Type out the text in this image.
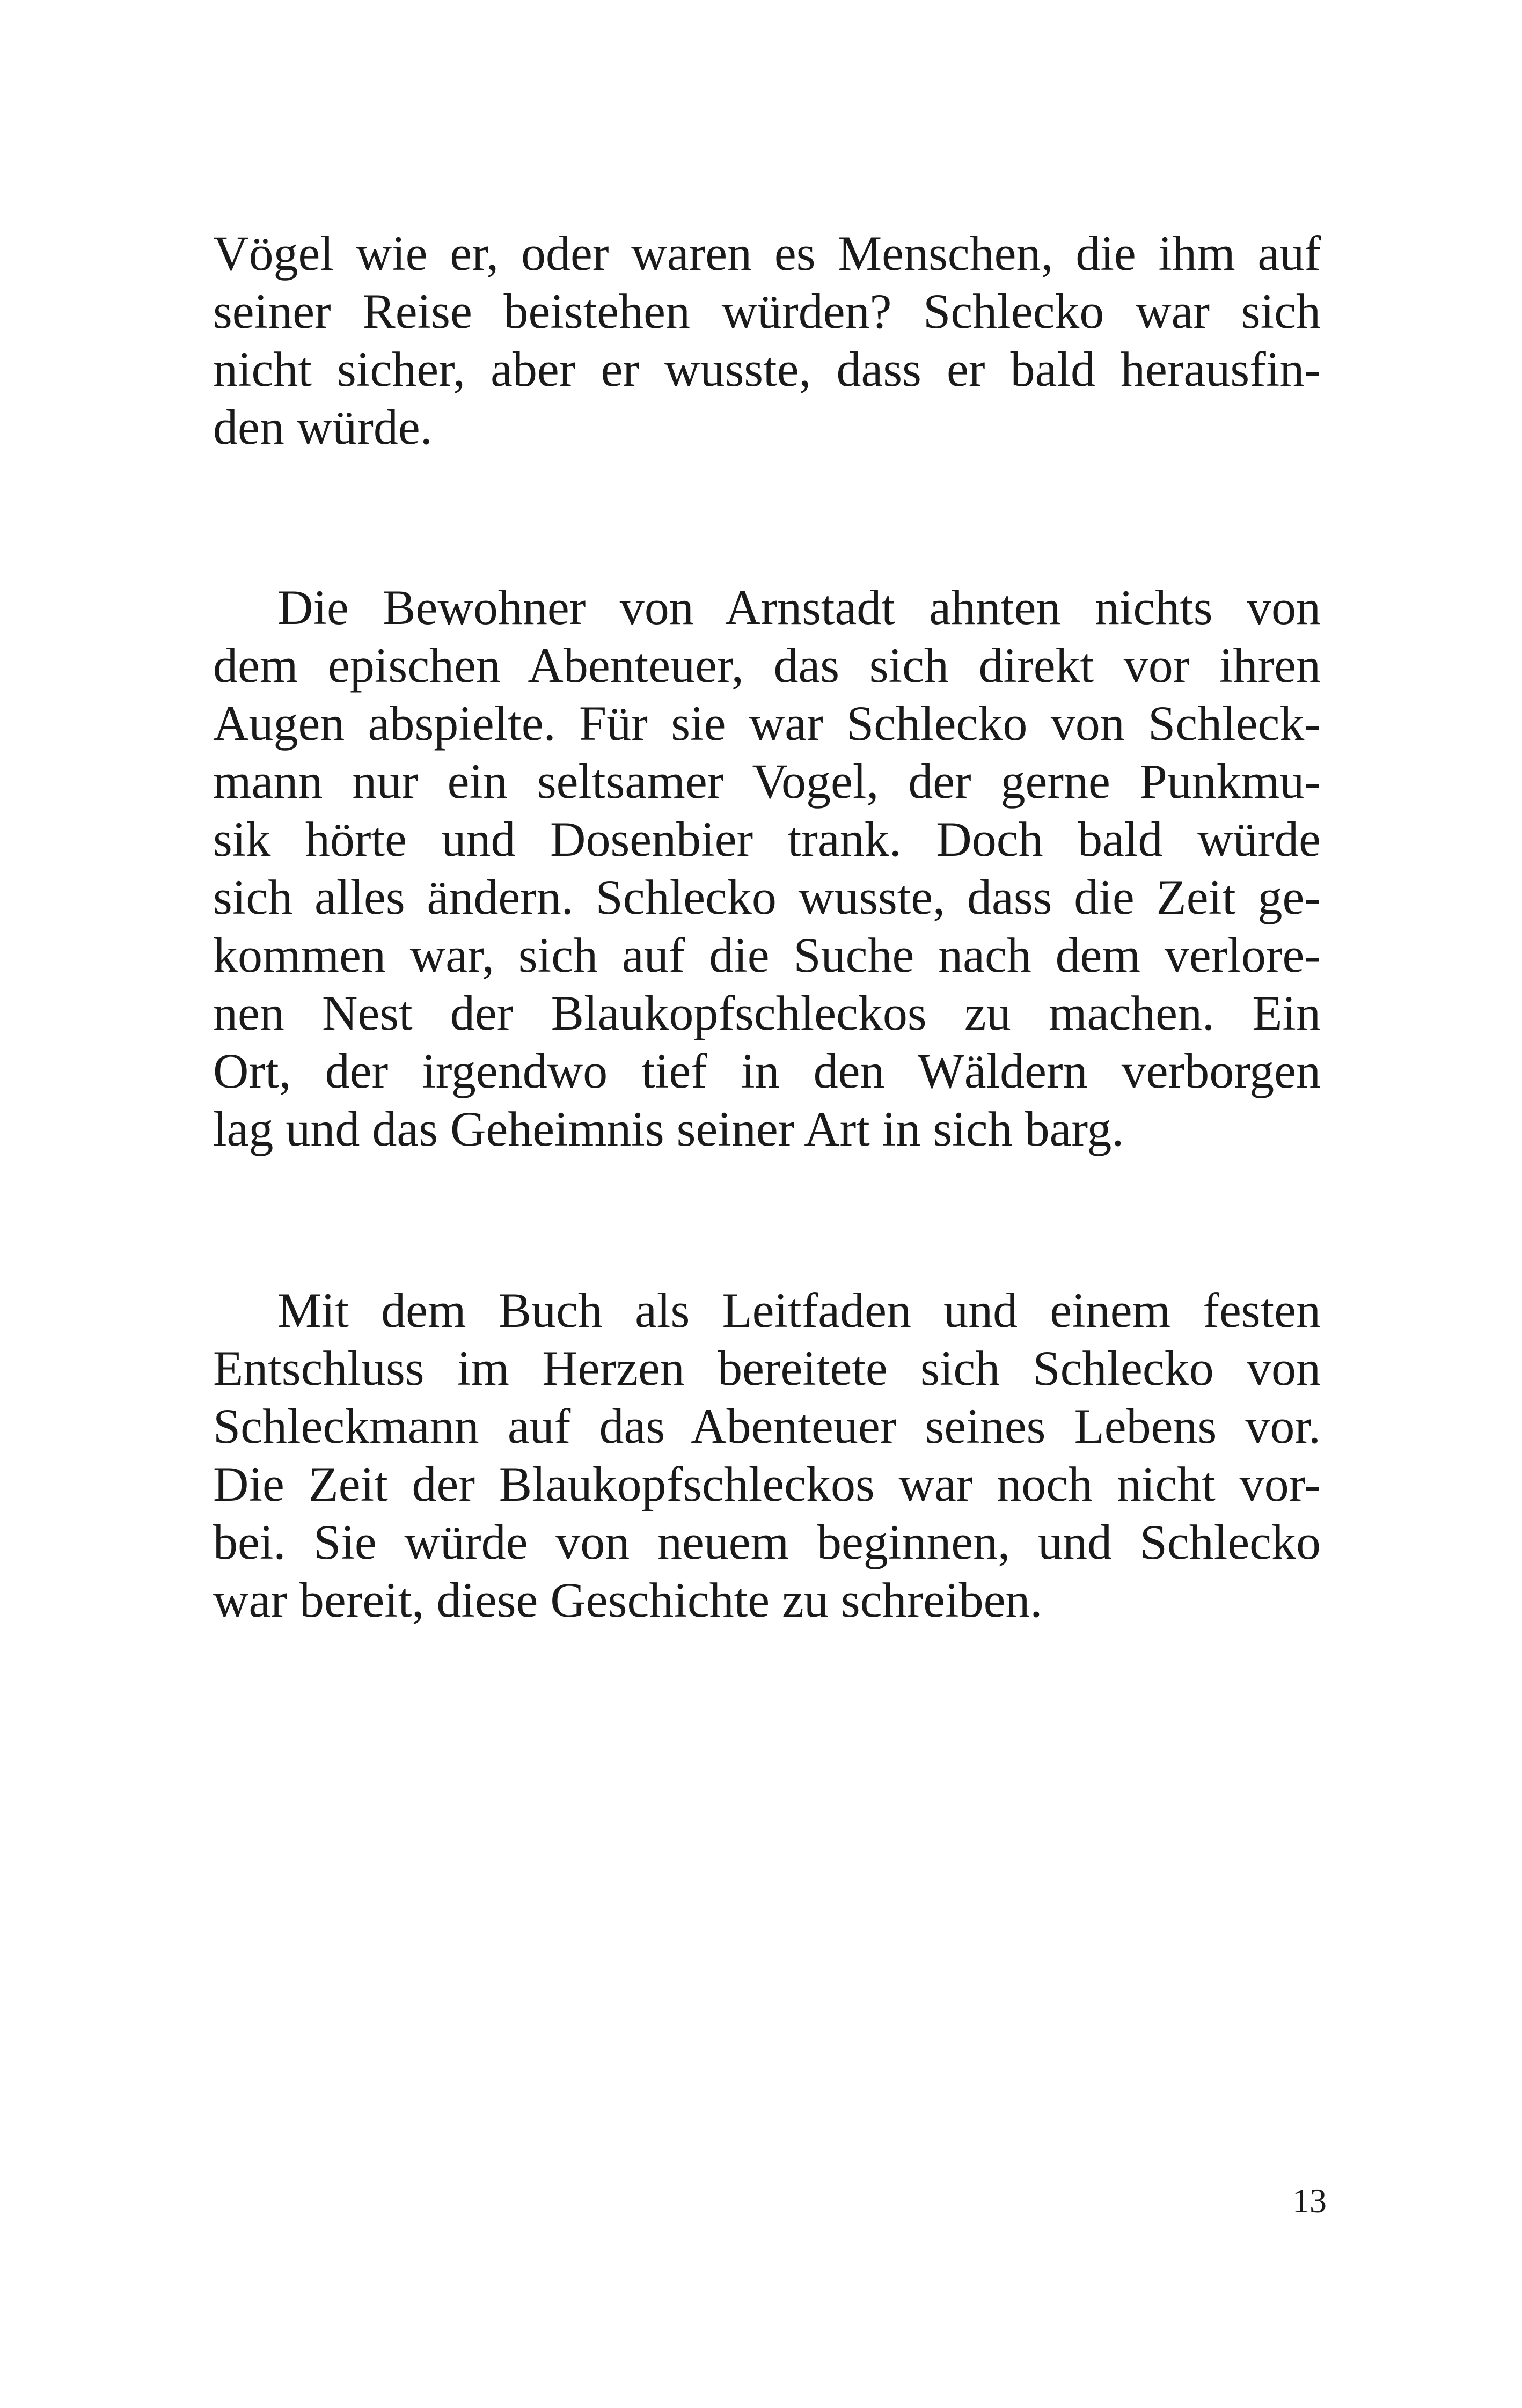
Vögel wie er, oder waren es Menschen, die ihm auf
seiner Reise beistehen würden? Schlecko war sich
nicht sicher, aber er wusste, dass er bald herausfin-
den würde.
Die Bewohner von Arnstadt ahnten nichts von
dem epischen Abenteuer, das sich direkt vor ihren
Augen abspielte. Für sie war Schlecko von Schleck-
mann nur ein seltsamer Vogel, der gerne Punkmu-
sik hörte und Dosenbier trank. Doch bald würde
sich alles ändern. Schlecko wusste, dass die Zeit ge-
kommen war, sich auf die Suche nach dem verlore-
nen Nest der Blaukopfschleckos zu machen. Ein
Ort, der irgendwo tief in den Wäldern verborgen
lag und das Geheimnis seiner Art in sich barg.
Mit dem Buch als Leitfaden und einem festen
Entschluss im Herzen bereitete sich Schlecko von
Schleckmann auf das Abenteuer seines Lebens vor.
Die Zeit der Blaukopfschleckos war noch nicht vor-
bei. Sie würde von neuem beginnen, und Schlecko
war bereit, diese Geschichte zu schreiben.
13
